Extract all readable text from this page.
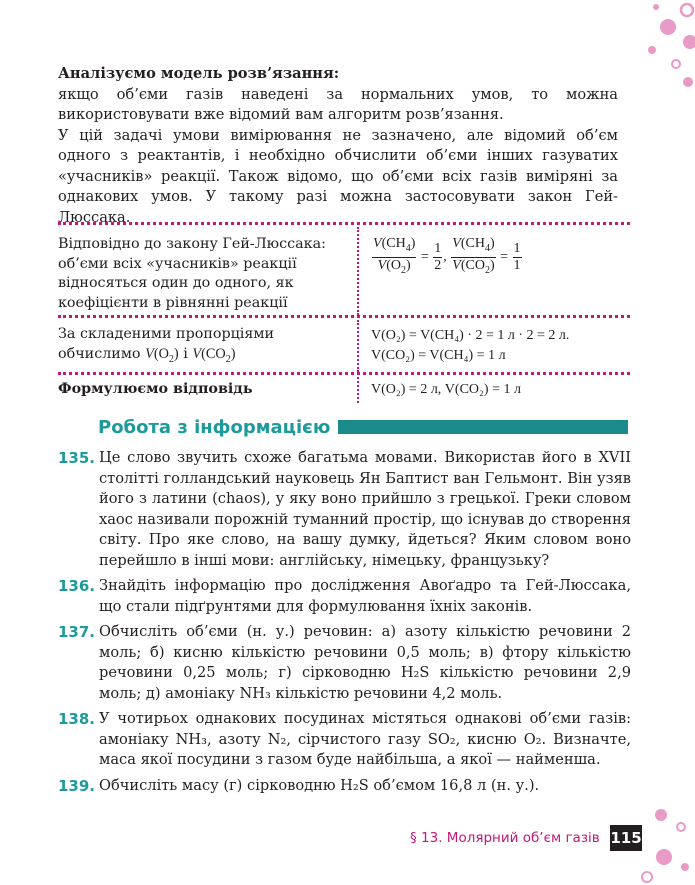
Аналізуємо модель розв’язання:

якщо об’єми газів наведені за нормальних умов, то можна використовувати вже відомий вам алгоритм розв’язання.

У цій задачі умови вимірювання не зазначено, але відомий об’єм одного з реактантів, і необхідно обчислити об’єми інших газуватих «учасників» реакції. Також відомо, що об’єми всіх газів виміряні за однакових умов. У такому разі можна застосовувати закон Гей-Люссака.

Відповідно до закону Гей-Люссака: об’єми всіх «учасників» реакції відносяться один до одного, як коефіцієнти в рівнянні реакції
$\frac{V(CH_4)}{V(O_2)} = \frac{1}{2}$ , $\frac{V(CH_4)}{V(CO_2)} = \frac{1}{1}$
За складеними пропорціями обчислимо $V(O_2)$ і $V(CO_2)$
V(O₂) = V(CH₄) · 2 = 1 л · 2 = 2 л.
V(CO₂) = V(CH₄) = 1 л
Формулюємо відповідь	V(O₂) = 2 л, V(CO₂) = 1 л
Робота з інформацією
135. Це слово звучить схоже багатьма мовами. Використав його в XVII столітті голландський науковець Ян Баптист ван Гельмонт. Він узяв його з латини (chaos), у яку воно прийшло з грецької. Греки словом хаос називали порожній туманний простір, що існував до створення світу. Про яке слово, на вашу думку, йдеться? Яким словом воно перейшло в інші мови: англійську, німецьку, французьку?
136. Знайдіть інформацію про дослідження Авоґадро та Гей-Люссака, що стали підґрунтями для формулювання їхніх законів.
137. Обчисліть об’єми (н. у.) речовин: а) азоту кількістю речовини 2 моль; б) кисню кількістю речовини 0,5 моль; в) фтору кількістю речовини 0,25 моль; г) сірководню H₂S кількістю речовини 2,9 моль; д) амоніаку NH₃ кількістю речовини 4,2 моль.
138. У чотирьох однакових посудинах містяться однакові об’єми газів: амоніаку NH₃, азоту N₂, сірчистого газу SO₂, кисню O₂. Визначте, маса якої посудини з газом буде найбільша, а якої — найменша.
139. Обчисліть масу (г) сірководню H₂S об’ємом 16,8 л (н. у.).
§ 13. Молярний об’єм газів 115
